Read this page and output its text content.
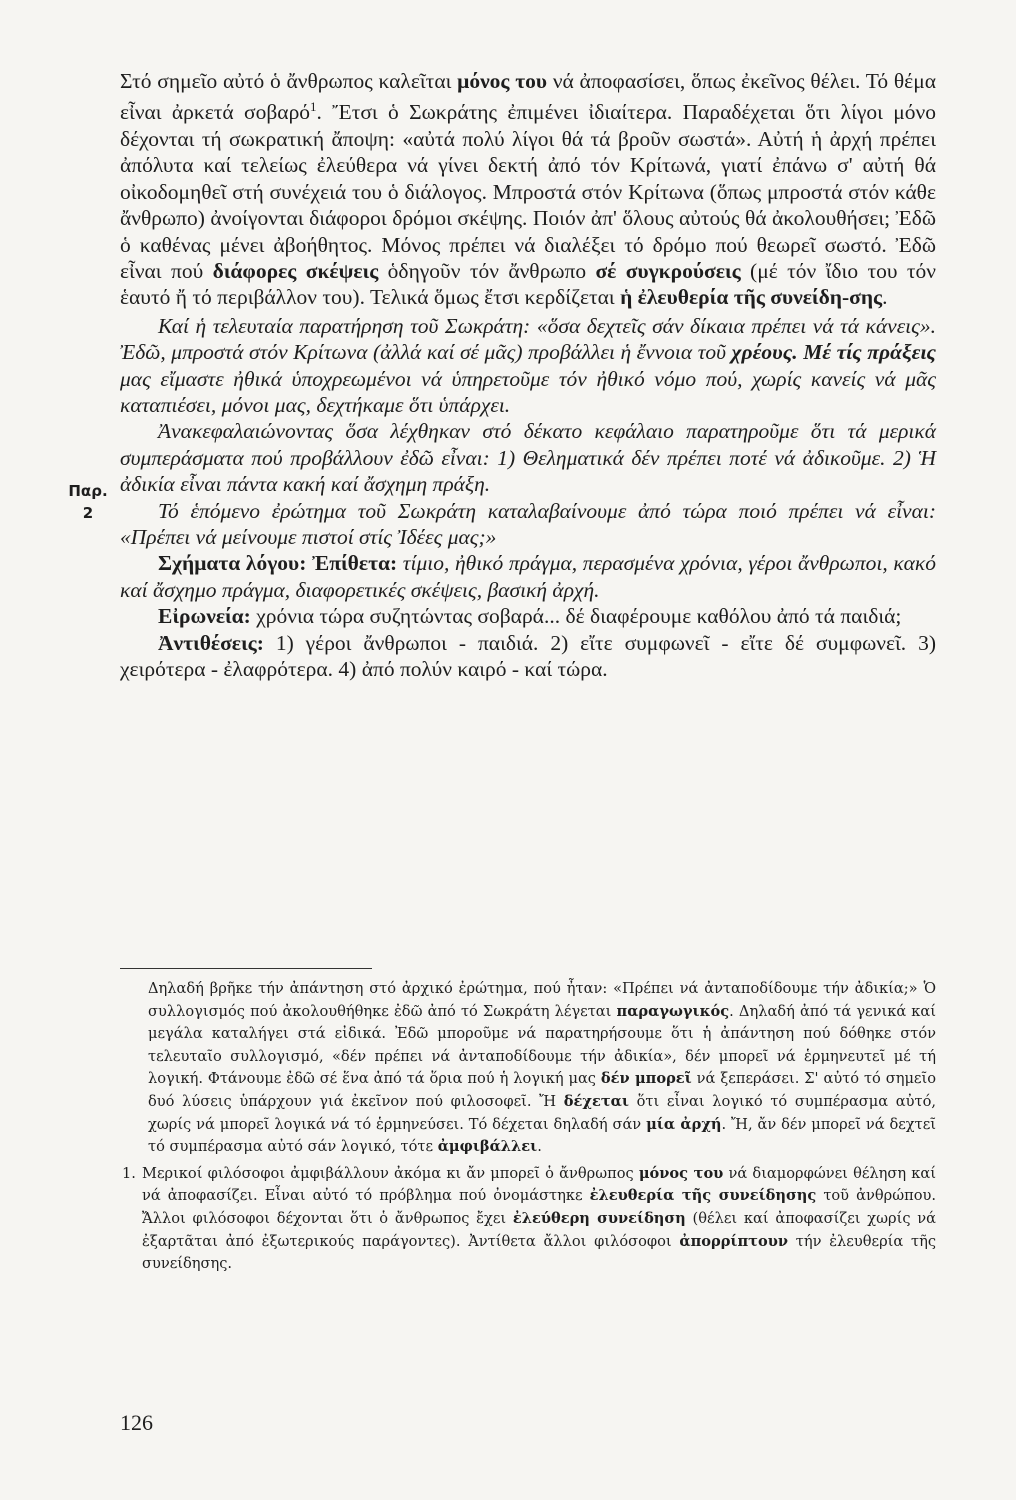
Παρ.
2

Στό σημεῖο αὐτό ὁ ἄνθρωπος καλεῖται μόνος του νά ἀποφασίσει, ὅπως ἐκεῖνος θέλει. Τό θέμα εἶναι ἀρκετά σοβαρό$^1$. Ἔτσι ὁ Σωκράτης ἐπιμένει ἰδιαίτερα. Παραδέχεται ὅτι λίγοι μόνο δέχονται τή σωκρατική ἄποψη: «αὐτά πολύ λίγοι θά τά βροῦν σωστά». Αὐτή ἡ ἀρχή πρέπει ἀπόλυτα καί τελείως ἐλεύθερα νά γίνει δεκτή ἀπό τόν Κρίτωνά, γιατί ἐπάνω σ' αὐτή θά οἰκοδομηθεῖ στή συνέχειά του ὁ διάλογος. Μπροστά στόν Κρίτωνα (ὅπως μπροστά στόν κάθε ἄνθρωπο) ἀνοίγονται διάφοροι δρόμοι σκέψης. Ποιόν ἀπ' ὅλους αὐτούς θά ἀκολουθήσει; Ἐδῶ ὁ καθένας μένει ἀβοήθητος. Μόνος πρέπει νά διαλέξει τό δρόμο πού θεωρεῖ σωστό. Ἐδῶ εἶναι πού διάφορες σκέψεις ὁδηγοῦν τόν ἄνθρωπο σέ συγκρούσεις (μέ τόν ἴδιο του τόν ἑαυτό ἤ τό περιβάλλον του). Τελικά ὅμως ἔτσι κερδίζεται ἡ ἐλευθερία τῆς συνείδη-σης.

Καί ἡ τελευταία παρατήρηση τοῦ Σωκράτη: «ὅσα δεχτεῖς σάν δίκαια πρέπει νά τά κάνεις». Ἐδῶ, μπροστά στόν Κρίτωνα (ἀλλά καί σέ μᾶς) προβάλλει ἡ ἔννοια τοῦ χρέους. Μέ τίς πράξεις μας εἴμαστε ἠθικά ὑποχρεωμένοι νά ὑπηρετοῦμε τόν ἠθικό νόμο πού, χωρίς κανείς νά μᾶς καταπιέσει, μόνοι μας, δεχτήκαμε ὅτι ὑπάρχει.

Ἀνακεφαλαιώνοντας ὅσα λέχθηκαν στό δέκατο κεφάλαιο παρατηροῦμε ὅτι τά μερικά συμπεράσματα πού προβάλλουν ἐδῶ εἶναι: 1) Θεληματικά δέν πρέπει ποτέ νά ἀδικοῦμε. 2) Ἡ ἀδικία εἶναι πάντα κακή καί ἄσχημη πράξη.

Τό ἑπόμενο ἐρώτημα τοῦ Σωκράτη καταλαβαίνουμε ἀπό τώρα ποιό πρέπει νά εἶναι: «Πρέπει νά μείνουμε πιστοί στίς Ἰδέες μας;»

Σχήματα λόγου: Ἐπίθετα: τίμιο, ἠθικό πράγμα, περασμένα χρόνια, γέροι ἄνθρωποι, κακό καί ἄσχημο πράγμα, διαφορετικές σκέψεις, βασική ἀρχή.

Εἰρωνεία: χρόνια τώρα συζητώντας σοβαρά... δέ διαφέρουμε καθόλου ἀπό τά παιδιά;

Ἀντιθέσεις: 1) γέροι ἄνθρωποι - παιδιά. 2) εἴτε συμφωνεῖ - εἴτε δέ συμφωνεῖ. 3) χειρότερα - ἐλαφρότερα. 4) ἀπό πολύν καιρό - καί τώρα.

Δηλαδή βρῆκε τήν ἀπάντηση στό ἀρχικό ἐρώτημα, πού ἦταν: «Πρέπει νά ἀνταποδίδουμε τήν ἀδικία;» Ὁ συλλογισμός πού ἀκολουθήθηκε ἐδῶ ἀπό τό Σωκράτη λέγεται παραγωγικός. Δηλαδή ἀπό τά γενικά καί μεγάλα καταλήγει στά εἰδικά. Ἐδῶ μποροῦμε νά παρατηρήσουμε ὅτι ἡ ἀπάντηση πού δόθηκε στόν τελευταῖο συλλογισμό, «δέν πρέπει νά ἀνταποδίδουμε τήν ἀδικία», δέν μπορεῖ νά ἑρμηνευτεῖ μέ τή λογική. Φτάνουμε ἐδῶ σέ ἕνα ἀπό τά ὅρια πού ἡ λογική μας δέν μπορεῖ νά ξεπεράσει. Σ' αὐτό τό σημεῖο δυό λύσεις ὑπάρχουν γιά ἐκεῖνον πού φιλοσοφεῖ. Ἤ δέχεται ὅτι εἶναι λογικό τό συμπέρασμα αὐτό, χωρίς νά μπορεῖ λογικά νά τό ἑρμηνεύσει. Τό δέχεται δηλαδή σάν μία ἀρχή. Ἤ, ἄν δέν μπορεῖ νά δεχτεῖ τό συμπέρασμα αὐτό σάν λογικό, τότε ἀμφιβάλλει.

1. Μερικοί φιλόσοφοι ἀμφιβάλλουν ἀκόμα κι ἄν μπορεῖ ὁ ἄνθρωπος μόνος του νά διαμορφώνει θέληση καί νά ἀποφασίζει. Εἶναι αὐτό τό πρόβλημα πού ὀνομάστηκε ἐλευθερία τῆς συνείδησης τοῦ ἀνθρώπου. Ἄλλοι φιλόσοφοι δέχονται ὅτι ὁ ἄνθρωπος ἔχει ἐλεύθερη συνείδηση (θέλει καί ἀποφασίζει χωρίς νά ἐξαρτᾶται ἀπό ἐξωτερικούς παράγοντες). Ἀντίθετα ἄλλοι φιλόσοφοι ἀπορρίπτουν τήν ἐλευθερία τῆς συνείδησης.

126
